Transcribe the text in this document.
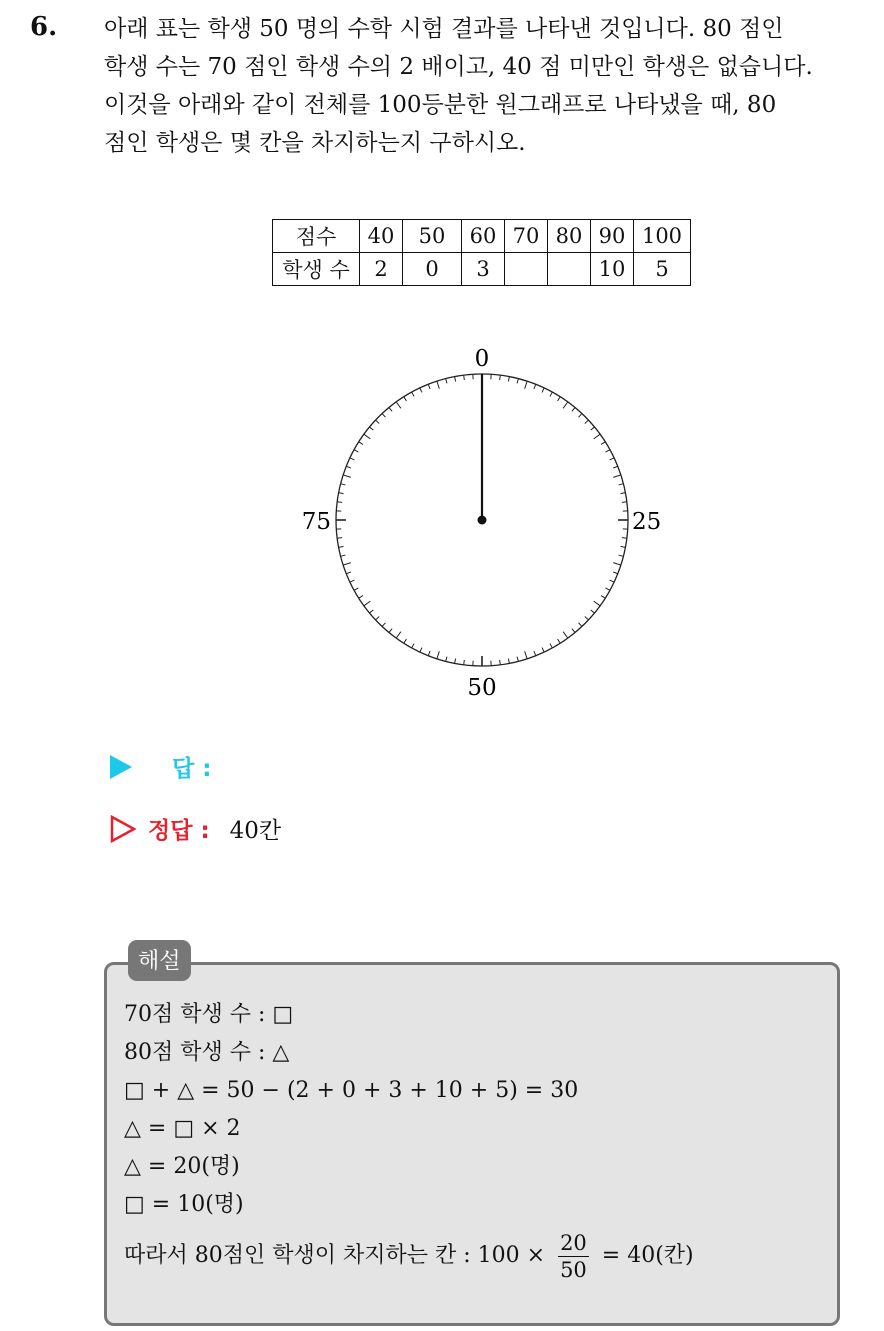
6. 아래 표는 학생 50 명의 수학 시험 결과를 나타낸 것입니다. 80 점인
학생 수는 70 점인 학생 수의 2 배이고, 40 점 미만인 학생은 없습니다.
이것을 아래와 같이 전체를 100등분한 원그래프로 나타냈을 때, 80
점인 학생은 몇 칸을 차지하는지 구하시오.
점수	40	50	60	70	80	90	100
학생 수	2	0	3			10	5
0
25
50
75
답 :
정답 : 40칸
해설
70점 학생 수 : □
80점 학생 수 : △
□ + △ = 50 − (2 + 0 + 3 + 10 + 5) = 30
△ = □ × 2
△ = 20(명)
□ = 10(명)
따라서 80점인 학생이 차지하는 칸 : $100 \times \frac{20}{50} = 40$(칸)
